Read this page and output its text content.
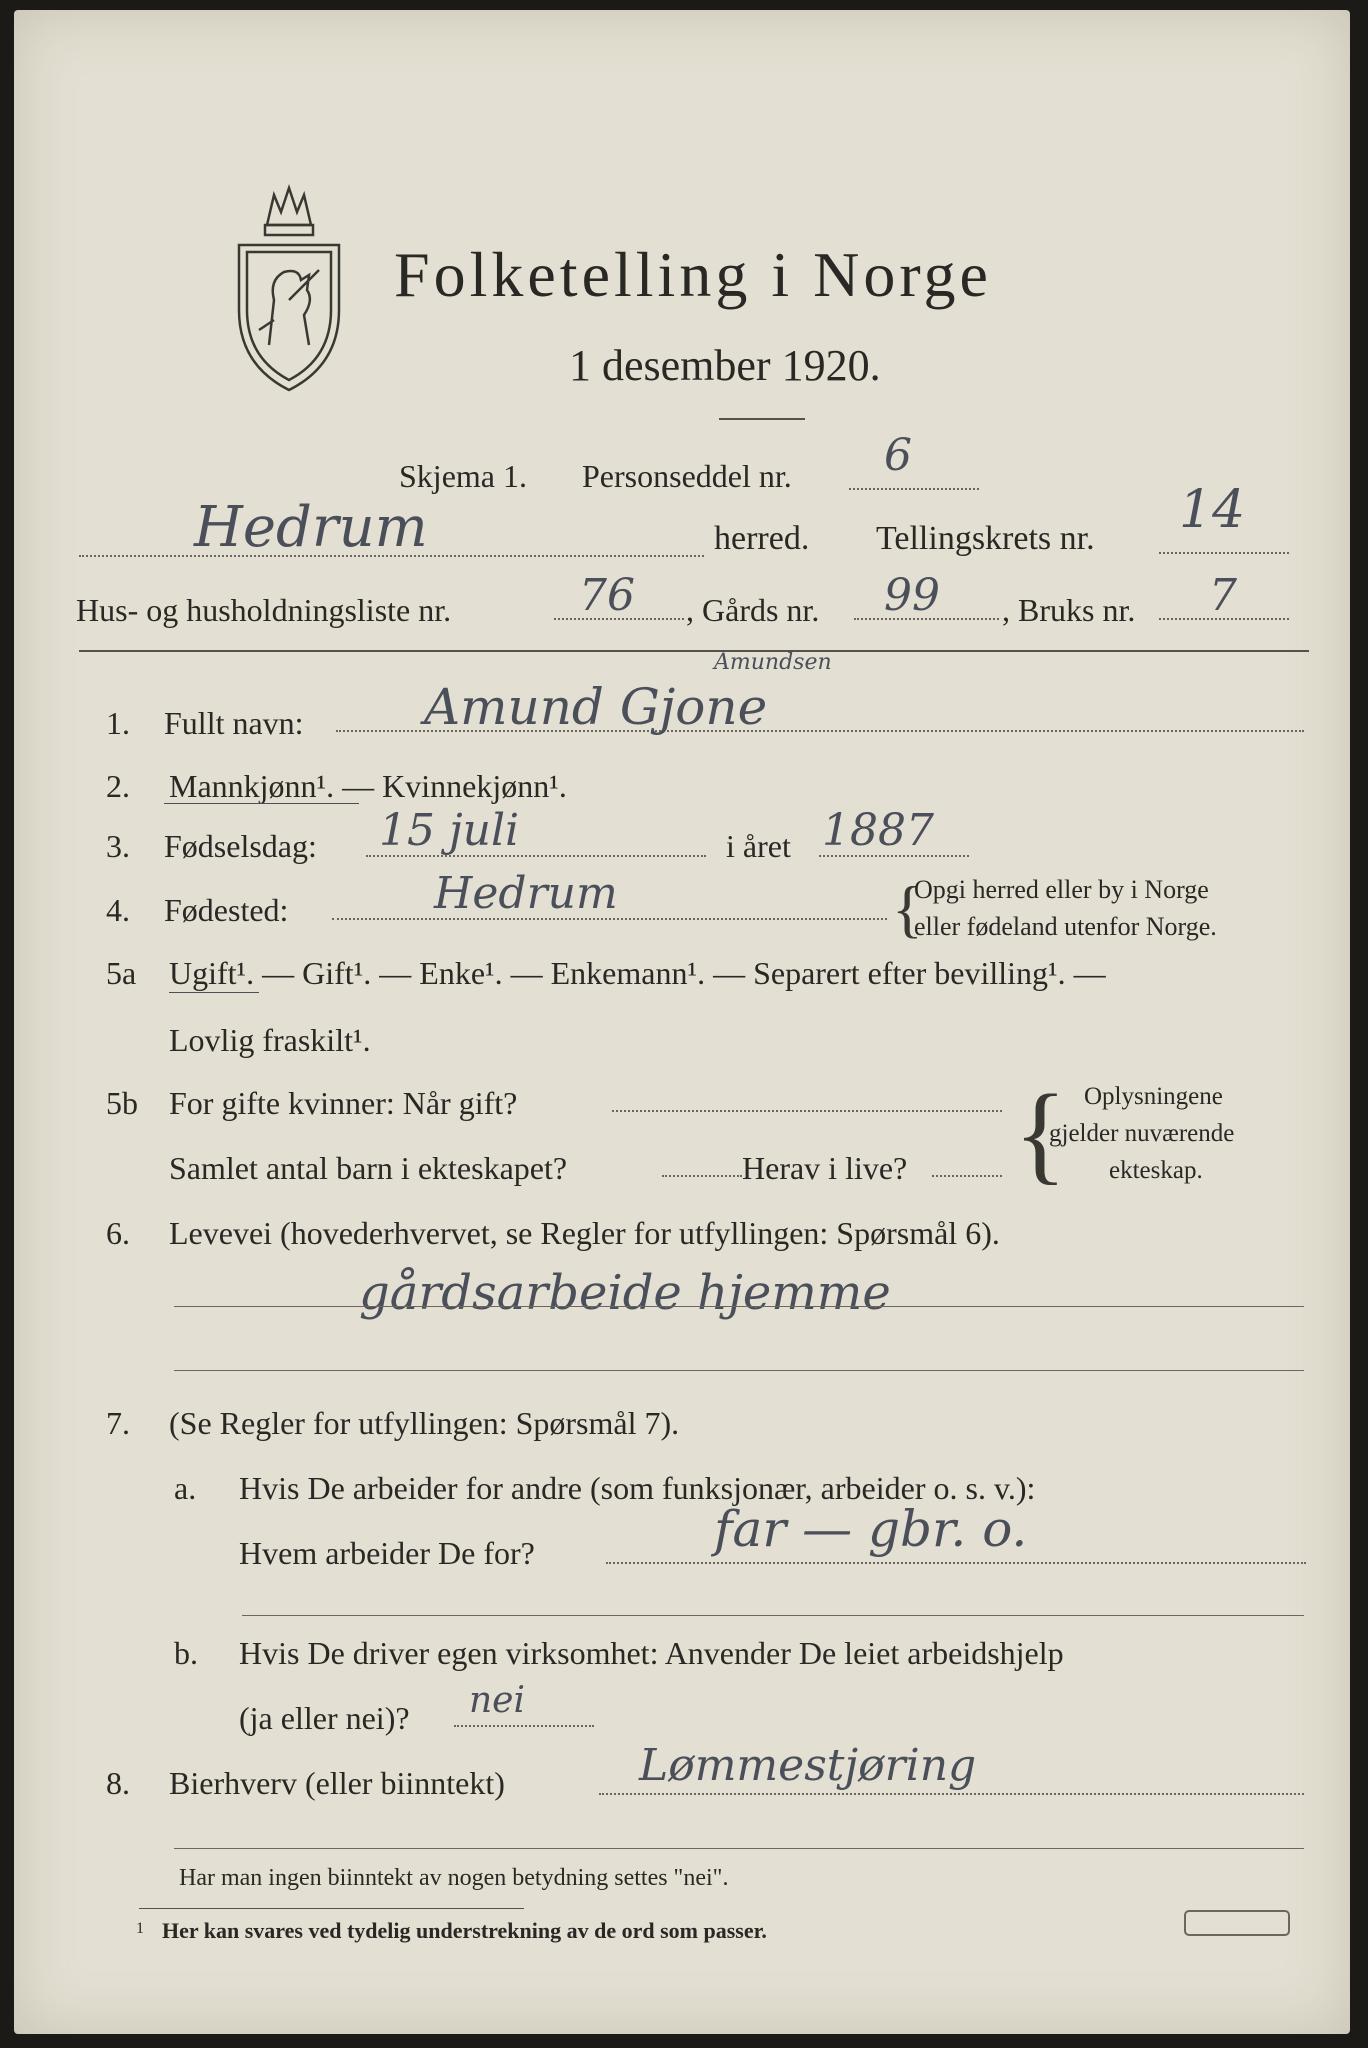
Folketelling i Norge
1 desember 1920.
Skjema 1. Personseddel nr. 6
Hedrum	herred. Tellingskrets nr. 14
Hus- og husholdningsliste nr.	76 , Gårds nr. 99 , Bruks nr. 7
1. Fullt navn: Amund Gjone
Amundsen
2. Mannkjønn¹. — Kvinnekjønn¹.
3. Fødselsdag: 15 juli	i året 1887
4. Fødested:	Hedrum	{
Opgi herred eller by i Norge
eller fødeland utenfor Norge.
5a Ugift¹. — Gift¹. — Enke¹. — Enkemann¹. — Separert efter bevilling¹. —
Lovlig fraskilt¹.
5b For gifte kvinner: Når gift?
Samlet antal barn i ekteskapet?	Herav i live? { Oplysningene
gjelder nuværende
ekteskap.
6. Levevei (hovederhvervet, se Regler for utfyllingen: Spørsmål 6).
gårdsarbeide hjemme
7. (Se Regler for utfyllingen: Spørsmål 7).
a. Hvis De arbeider for andre (som funksjonær, arbeider o. s. v.):
Hvem arbeider De for?	far — gbr. o.
b. Hvis De driver egen virksomhet: Anvender De leiet arbeidshjelp
(ja eller nei)? nei
8. Bierhverv (eller biinntekt)	Lømmestjøring
Har man ingen biinntekt av nogen betydning settes "nei".
1 Her kan svares ved tydelig understrekning av de ord som passer.
